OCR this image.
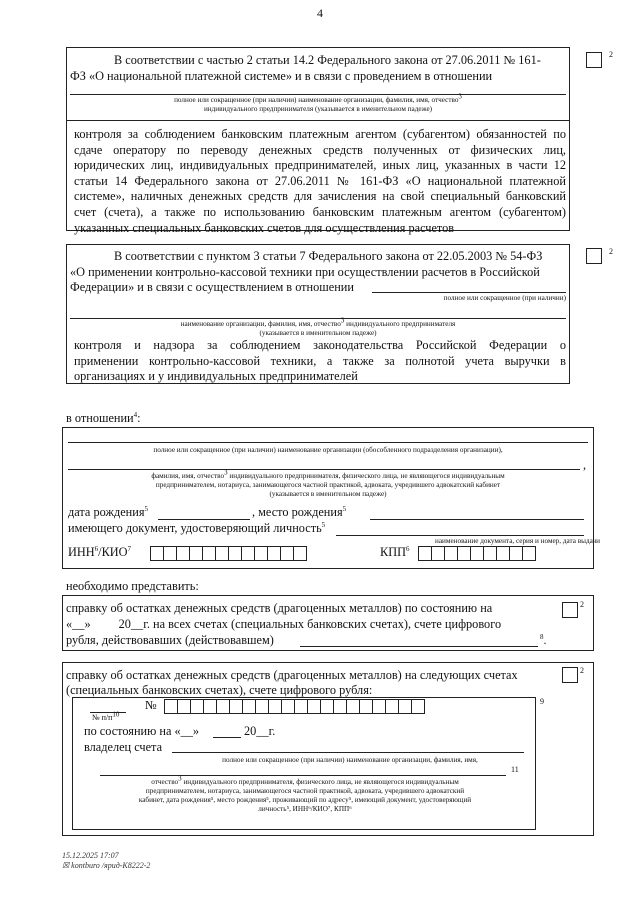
4
2
В соответствии с частью 2 статьи 14.2 Федерального закона от 27.06.2011 № 161-
ФЗ «О национальной платежной системе» и в связи с проведением в отношении
полное или сокращенное (при наличии) наименование организации, фамилия, имя, отчество$^3$
индивидуального предпринимателя (указывается в именительном падеже)
контроля за соблюдением банковским платежным агентом (субагентом) обязанностей по
сдаче оператору по переводу денежных средств полученных от физических лиц,
юридических лиц, индивидуальных предпринимателей, иных лиц, указанных в части 12
статьи 14 Федерального закона от 27.06.2011 № 161-ФЗ «О национальной платежной
системе», наличных денежных средств для зачисления на свой специальный банковский
счет (счета), а также по использованию банковским платежным агентом (субагентом)
указанных специальных банковских счетов для осуществления расчетов
2
В соответствии с пунктом 3 статьи 7 Федерального закона от 22.05.2003 № 54-ФЗ
«О применении контрольно-кассовой техники при осуществлении расчетов в Российской
Федерации» и в связи с осуществлением в отношении
полное или сокращенное (при наличии)
наименование организации, фамилия, имя, отчество$^3$ индивидуального предпринимателя
(указывается в именительном падеже)
контроля и надзора за соблюдением законодательства Российской Федерации о
применении контрольно-кассовой техники, а также за полнотой учета выручки в
организациях и у индивидуальных предпринимателей
в отношении$^4$:
полное или сокращенное (при наличии) наименование организации (обособленного подразделения организации),
,
фамилия, имя, отчество$^3$ индивидуального предпринимателя, физического лица, не являющегося индивидуальным
предпринимателем, нотариуса, занимающегося частной практикой, адвоката, учредившего адвокатский кабинет
(указывается в именительном падеже)
дата рождения$^5$	, место рождения$^5$
имеющего документ, удостоверяющий личность$^5$
наименование документа, серия и номер, дата выдачи
ИНН$^6$/КИО$^7$	КПП$^6$
необходимо представить:
2
справку об остатках денежных средств (драгоценных металлов) по состоянию на
«__» 20__г. на всех счетах (специальных банковских счетах), счете цифрового
рубля, действовавших (действовавшем)	$^8$.
2
справку об остатках денежных средств (драгоценных металлов) на следующих счетах
(специальных банковских счетах), счете цифрового рубля:
№ $п/п^{10}$
№	9
по состоянию на «__»	20__г.
владелец счета
полное или сокращенное (при наличии) наименование организации, фамилия, имя,
11
отчество$^3$ индивидуального предпринимателя, физического лица, не являющегося индивидуальным
предпринимателем, нотариуса, занимающегося частной практикой, адвоката, учредившего адвокатский
кабинет, дата рождения⁵, место рождения⁵, проживающий по адресу⁵, имеющий документ, удостоверяющий
личность⁵, ИНН⁶/КИО⁷, КПП⁶
15.12.2025 17:07
☒ kontburo /ярид-К8222-2
